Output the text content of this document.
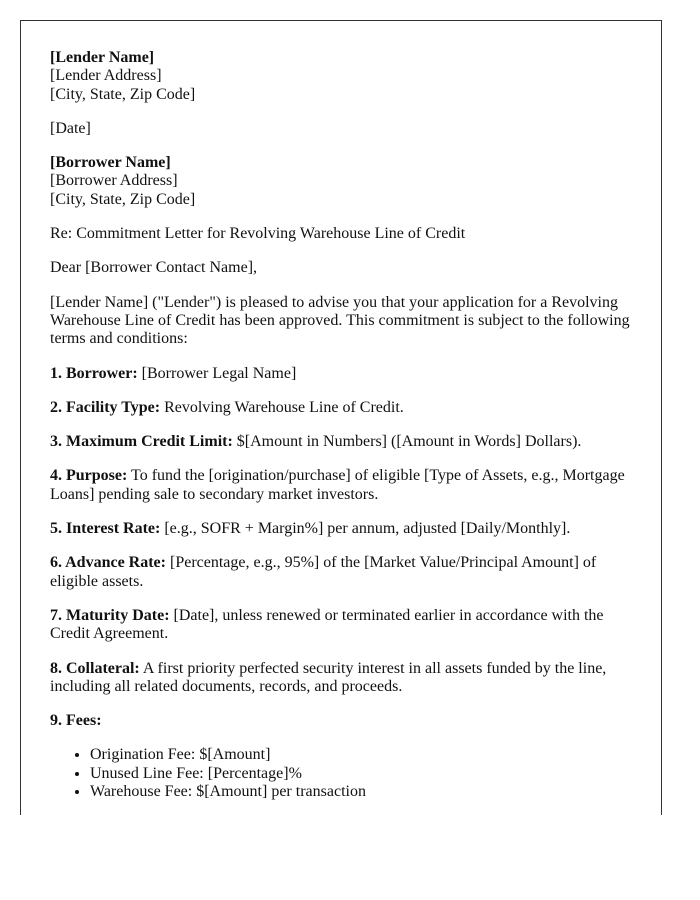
[Lender Name]

[Lender Address]

[City, State, Zip Code]

[Date]

[Borrower Name]

[Borrower Address]

[City, State, Zip Code]

Re: Commitment Letter for Revolving Warehouse Line of Credit

Dear [Borrower Contact Name],

[Lender Name] ("Lender") is pleased to advise you that your application for a Revolving Warehouse Line of Credit has been approved. This commitment is subject to the following terms and conditions:

1. Borrower: [Borrower Legal Name]

2. Facility Type: Revolving Warehouse Line of Credit.

3. Maximum Credit Limit: $[Amount in Numbers] ([Amount in Words] Dollars).

4. Purpose: To fund the [origination/purchase] of eligible [Type of Assets, e.g., Mortgage Loans] pending sale to secondary market investors.

5. Interest Rate: [e.g., SOFR + Margin%] per annum, adjusted [Daily/Monthly].

6. Advance Rate: [Percentage, e.g., 95%] of the [Market Value/Principal Amount] of eligible assets.

7. Maturity Date: [Date], unless renewed or terminated earlier in accordance with the Credit Agreement.

8. Collateral: A first priority perfected security interest in all assets funded by the line, including all related documents, records, and proceeds.

9. Fees:

• Origination Fee: $[Amount]
• Unused Line Fee: [Percentage]%
• Warehouse Fee: $[Amount] per transaction
